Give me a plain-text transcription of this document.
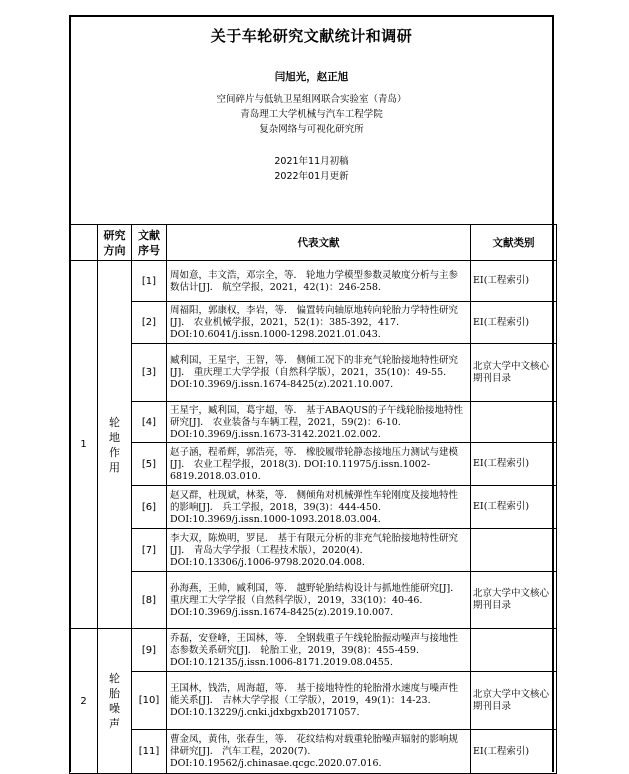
关于车轮研究文献统计和调研
闫旭光，赵正旭
空间碎片与低轨卫星组网联合实验室（青岛）
青岛理工大学机械与汽车工程学院
复杂网络与可视化研究所
2021年11月初稿
2022年01月更新
	研究方向	文献序号	代表文献	文献类别
1	轮地作用	[1]	周如意，丰文浩，邓宗全，等． 轮地力学模型参数灵敏度分析与主参数估计[J]． 航空学报，2021，42(1)：246-258.	EI(工程索引)
		[2]	周福阳，郭康权，李岩，等． 偏置转向轴原地转向轮胎力学特性研究[J]． 农业机械学报，2021，52(1)：385-392，417. DOI:10.6041/j.issn.1000-1298.2021.01.043.	EI(工程索引)
		[3]	臧利国，王星宇，王智，等． 侧倾工况下的非充气轮胎接地特性研究[J]． 重庆理工大学学报（自然科学版），2021，35(10)：49-55. DOI:10.3969/j.issn.1674-8425(z).2021.10.007.	北京大学中文核心期刊目录
		[4]	王星宇，臧利国，葛宇超，等． 基于ABAQUS的子午线轮胎接地特性研究[J]． 农业装备与车辆工程，2021，59(2)：6-10. DOI:10.3969/j.issn.1673-3142.2021.02.002.	
		[5]	赵子涵，程希辉，郭浩亮，等． 橡胶履带轮静态接地压力测试与建模[J]． 农业工程学报，2018(3). DOI:10.11975/j.issn.1002-6819.2018.03.010.	EI(工程索引)
		[6]	赵又群，杜现斌，林棻，等． 侧倾角对机械弹性车轮刚度及接地特性的影响[J]． 兵工学报，2018，39(3)：444-450. DOI:10.3969/j.issn.1000-1093.2018.03.004.	EI(工程索引)
		[7]	李大双，陈焕明，罗昆． 基于有限元分析的非充气轮胎接地特性研究[J]． 青岛大学学报（工程技术版），2020(4). DOI:10.13306/j.1006-9798.2020.04.008.	
		[8]	孙海燕，王帅，臧利国，等． 越野轮胎结构设计与抓地性能研究[J]． 重庆理工大学学报（自然科学版），2019，33(10)：40-46. DOI:10.3969/j.issn.1674-8425(z).2019.10.007.	北京大学中文核心期刊目录
2	轮胎噪声	[9]	乔磊，安登峰，王国林，等． 全钢载重子午线轮胎振动噪声与接地性态参数关系研究[J]． 轮胎工业，2019，39(8)：455-459. DOI:10.12135/j.issn.1006-8171.2019.08.0455.	
		[10]	王国林，钱浩，周海超，等． 基于接地特性的轮胎滑水速度与噪声性能关系[J]． 吉林大学学报（工学版），2019，49(1)：14-23. DOI:10.13229/j.cnki.jdxbgxb20171057.	北京大学中文核心期刊目录
		[11]	曹金凤，黄伟，张春生，等． 花纹结构对载重轮胎噪声辐射的影响规律研究[J]． 汽车工程，2020(7). DOI:10.19562/j.chinasae.qcgc.2020.07.016.	EI(工程索引)
